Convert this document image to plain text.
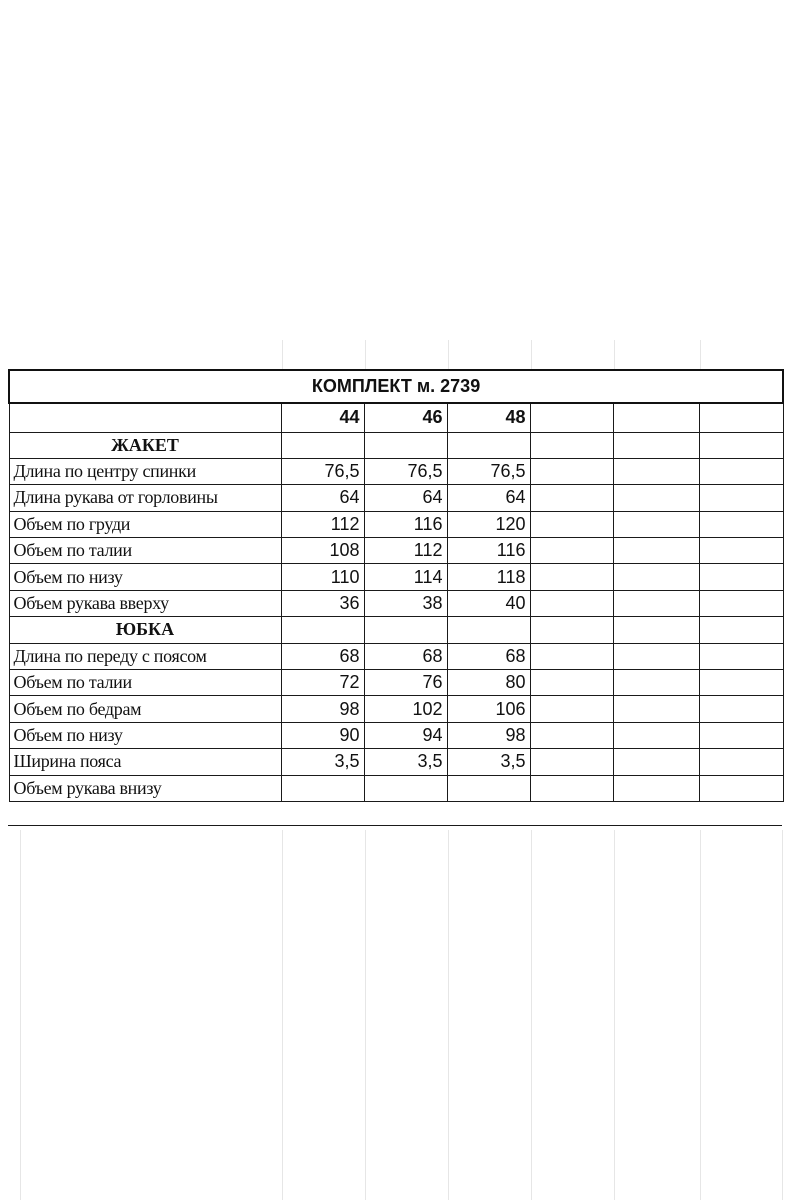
КОМПЛЕКТ м. 2739						
	44	46	48			
ЖАКЕТ						
Длина по центру спинки	76,5	76,5	76,5			
Длина рукава от горловины	64	64	64			
Объем по груди	112	116	120			
Объем по талии	108	112	116			
Объем по низу	110	114	118			
Объем рукава вверху	36	38	40			
ЮБКА						
Длина по переду с поясом	68	68	68			
Объем по талии	72	76	80			
Объем по бедрам	98	102	106			
Объем по низу	90	94	98			
Ширина пояса	3,5	3,5	3,5			
Объем рукава внизу						
